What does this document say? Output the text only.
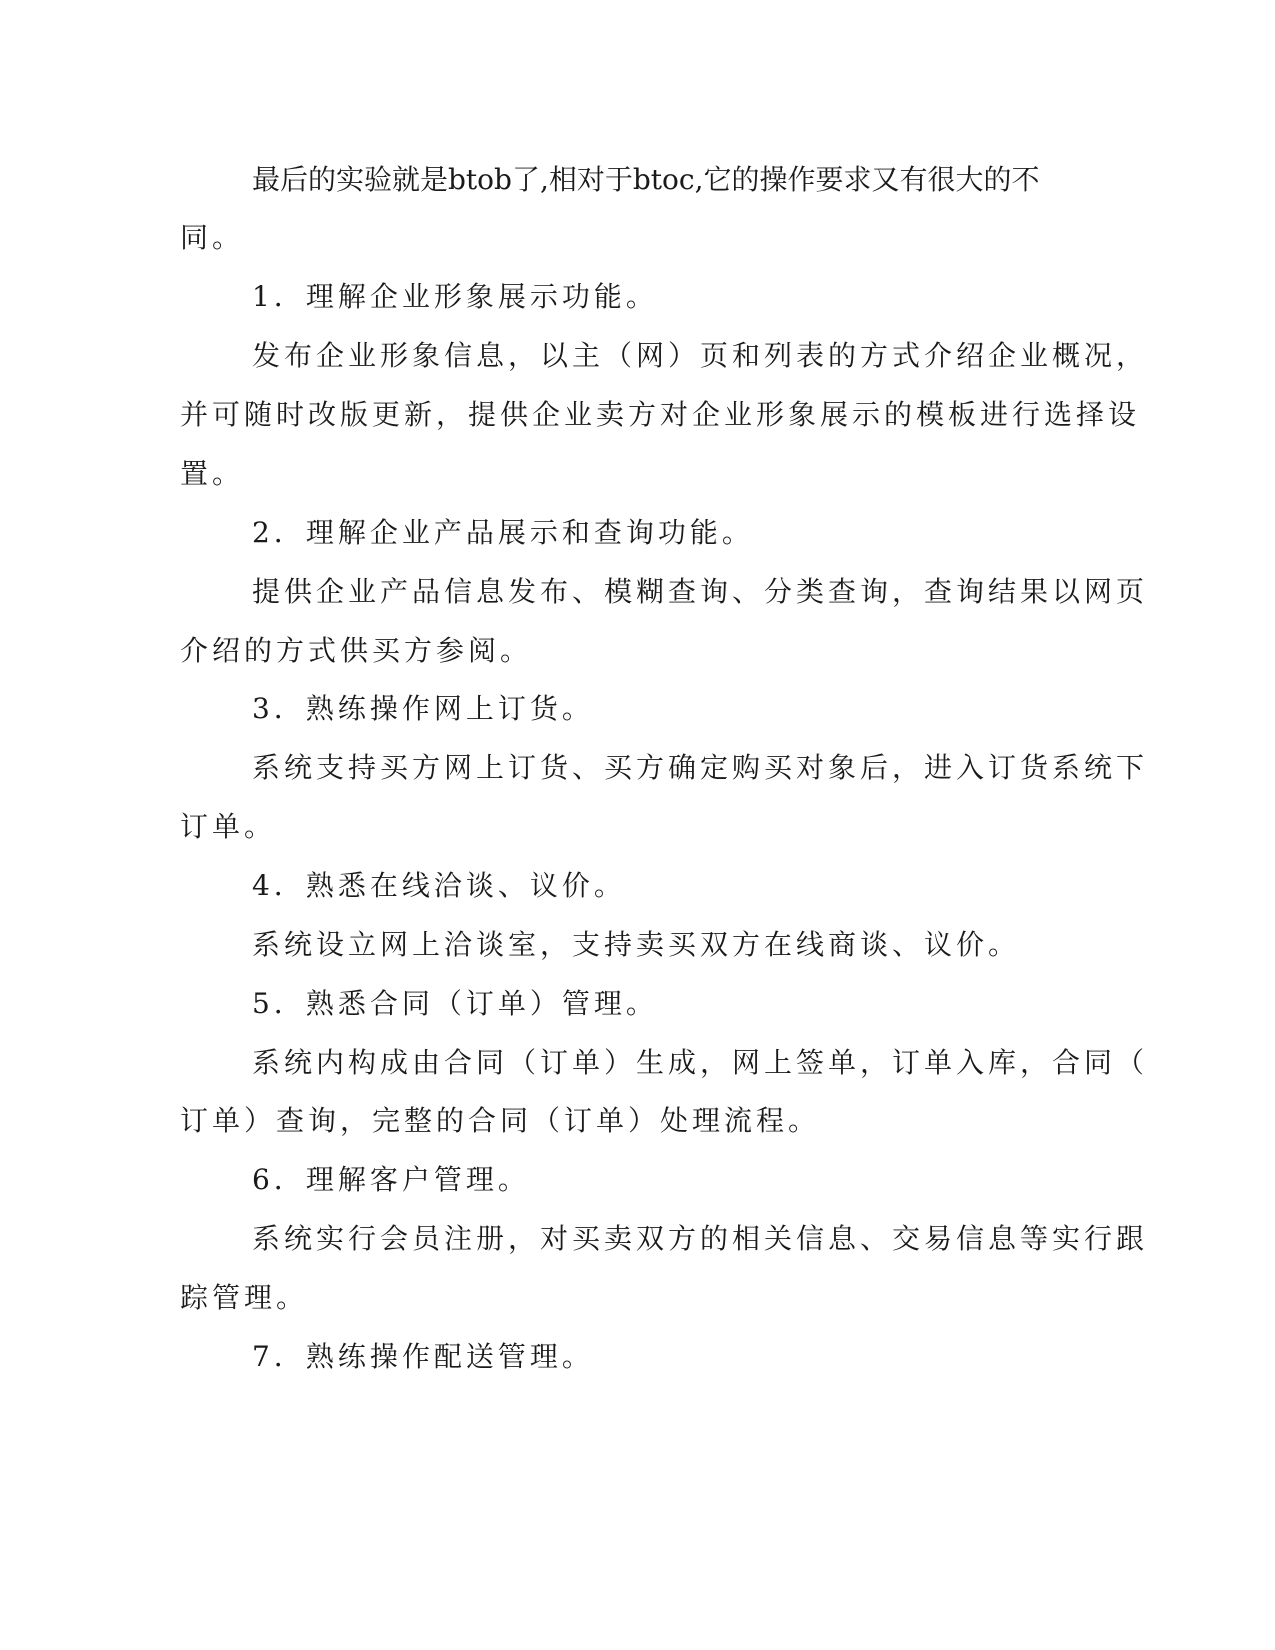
最后的实验就是btob了,相对于btoc,它的操作要求又有很大的不
同。
1．理解企业形象展示功能。
发布企业形象信息，以主（网）页和列表的方式介绍企业概况，
并可随时改版更新，提供企业卖方对企业形象展示的模板进行选择设
置。
2．理解企业产品展示和查询功能。
提供企业产品信息发布、模糊查询、分类查询，查询结果以网页
介绍的方式供买方参阅。
3．熟练操作网上订货。
系统支持买方网上订货、买方确定购买对象后，进入订货系统下
订单。
4．熟悉在线洽谈、议价。
系统设立网上洽谈室，支持卖买双方在线商谈、议价。
5．熟悉合同（订单）管理。
系统内构成由合同（订单）生成，网上签单，订单入库，合同（
订单）查询，完整的合同（订单）处理流程。
6．理解客户管理。
系统实行会员注册，对买卖双方的相关信息、交易信息等实行跟
踪管理。
7．熟练操作配送管理。
